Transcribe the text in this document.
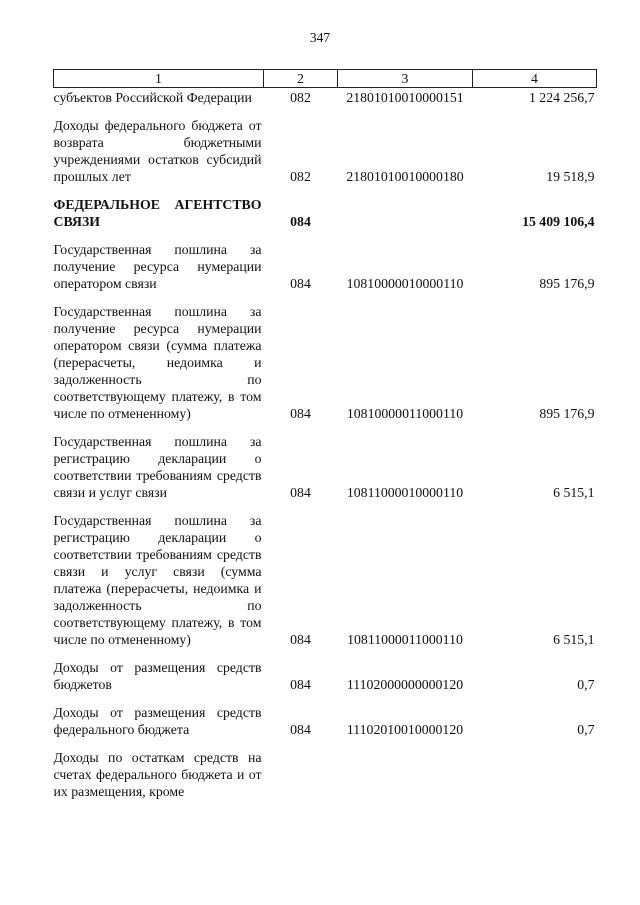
347
1	2	3	4
субъектов Российской Федерации	082	21801010010000151	1 224 256,7
Доходы федерального бюджета от возврата бюджетными учреждениями остатков субсидий прошлых лет	082	21801010010000180	19 518,9
ФЕДЕРАЛЬНОЕ АГЕНТСТВО СВЯЗИ	084		15 409 106,4
Государственная пошлина за получение ресурса нумерации оператором связи	084	10810000010000110	895 176,9
Государственная пошлина за получение ресурса нумерации оператором связи (сумма платежа (перерасчеты, недоимка и задолженность по соответствующему платежу, в том числе по отмененному)	084	10810000011000110	895 176,9
Государственная пошлина за регистрацию декларации о соответствии требованиям средств связи и услуг связи	084	10811000010000110	6 515,1
Государственная пошлина за регистрацию декларации о соответствии требованиям средств связи и услуг связи (сумма платежа (перерасчеты, недоимка и задолженность по соответствующему платежу, в том числе по отмененному)	084	10811000011000110	6 515,1
Доходы от размещения средств бюджетов	084	11102000000000120	0,7
Доходы от размещения средств федерального бюджета	084	11102010010000120	0,7
Доходы по остаткам средств на счетах федерального бюджета и от их размещения, кроме			
